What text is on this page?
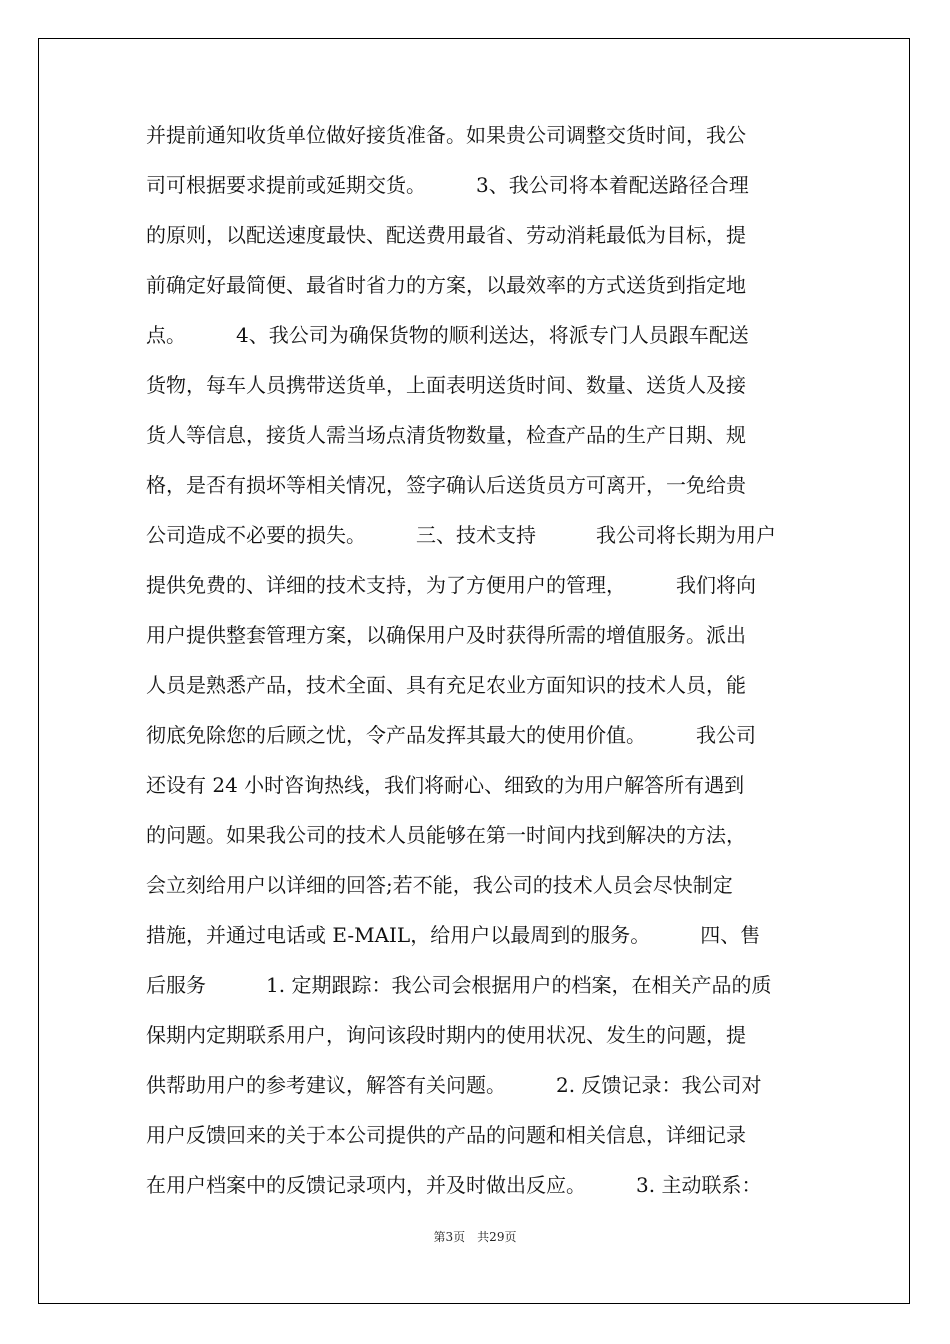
并提前通知收货单位做好接货准备。如果贵公司调整交货时间，我公
司可根据要求提前或延期交货。　　　3、我公司将本着配送路径合理
的原则，以配送速度最快、配送费用最省、劳动消耗最低为目标，提
前确定好最简便、最省时省力的方案，以最效率的方式送货到指定地
点。　　　4、我公司为确保货物的顺利送达，将派专门人员跟车配送
货物，每车人员携带送货单，上面表明送货时间、数量、送货人及接
货人等信息，接货人需当场点清货物数量，检查产品的生产日期、规
格，是否有损坏等相关情况，签字确认后送货员方可离开，一免给贵
公司造成不必要的损失。　　　三、技术支持　　　我公司将长期为用户
提供免费的、详细的技术支持，为了方便用户的管理，　　　我们将向
用户提供整套管理方案，以确保用户及时获得所需的增值服务。派出
人员是熟悉产品，技术全面、具有充足农业方面知识的技术人员，能
彻底免除您的后顾之忧，令产品发挥其最大的使用价值。　　　我公司
还设有 24 小时咨询热线，我们将耐心、细致的为用户解答所有遇到
的问题。如果我公司的技术人员能够在第一时间内找到解决的方法，
会立刻给用户以详细的回答;若不能，我公司的技术人员会尽快制定
措施，并通过电话或 E-MAIL，给用户以最周到的服务。　　　四、售
后服务　　　1. 定期跟踪：我公司会根据用户的档案，在相关产品的质
保期内定期联系用户，询问该段时期内的使用状况、发生的问题，提
供帮助用户的参考建议，解答有关问题。　　　2. 反馈记录：我公司对
用户反馈回来的关于本公司提供的产品的问题和相关信息，详细记录
在用户档案中的反馈记录项内，并及时做出反应。　　　3. 主动联系：
第3页　共29页
